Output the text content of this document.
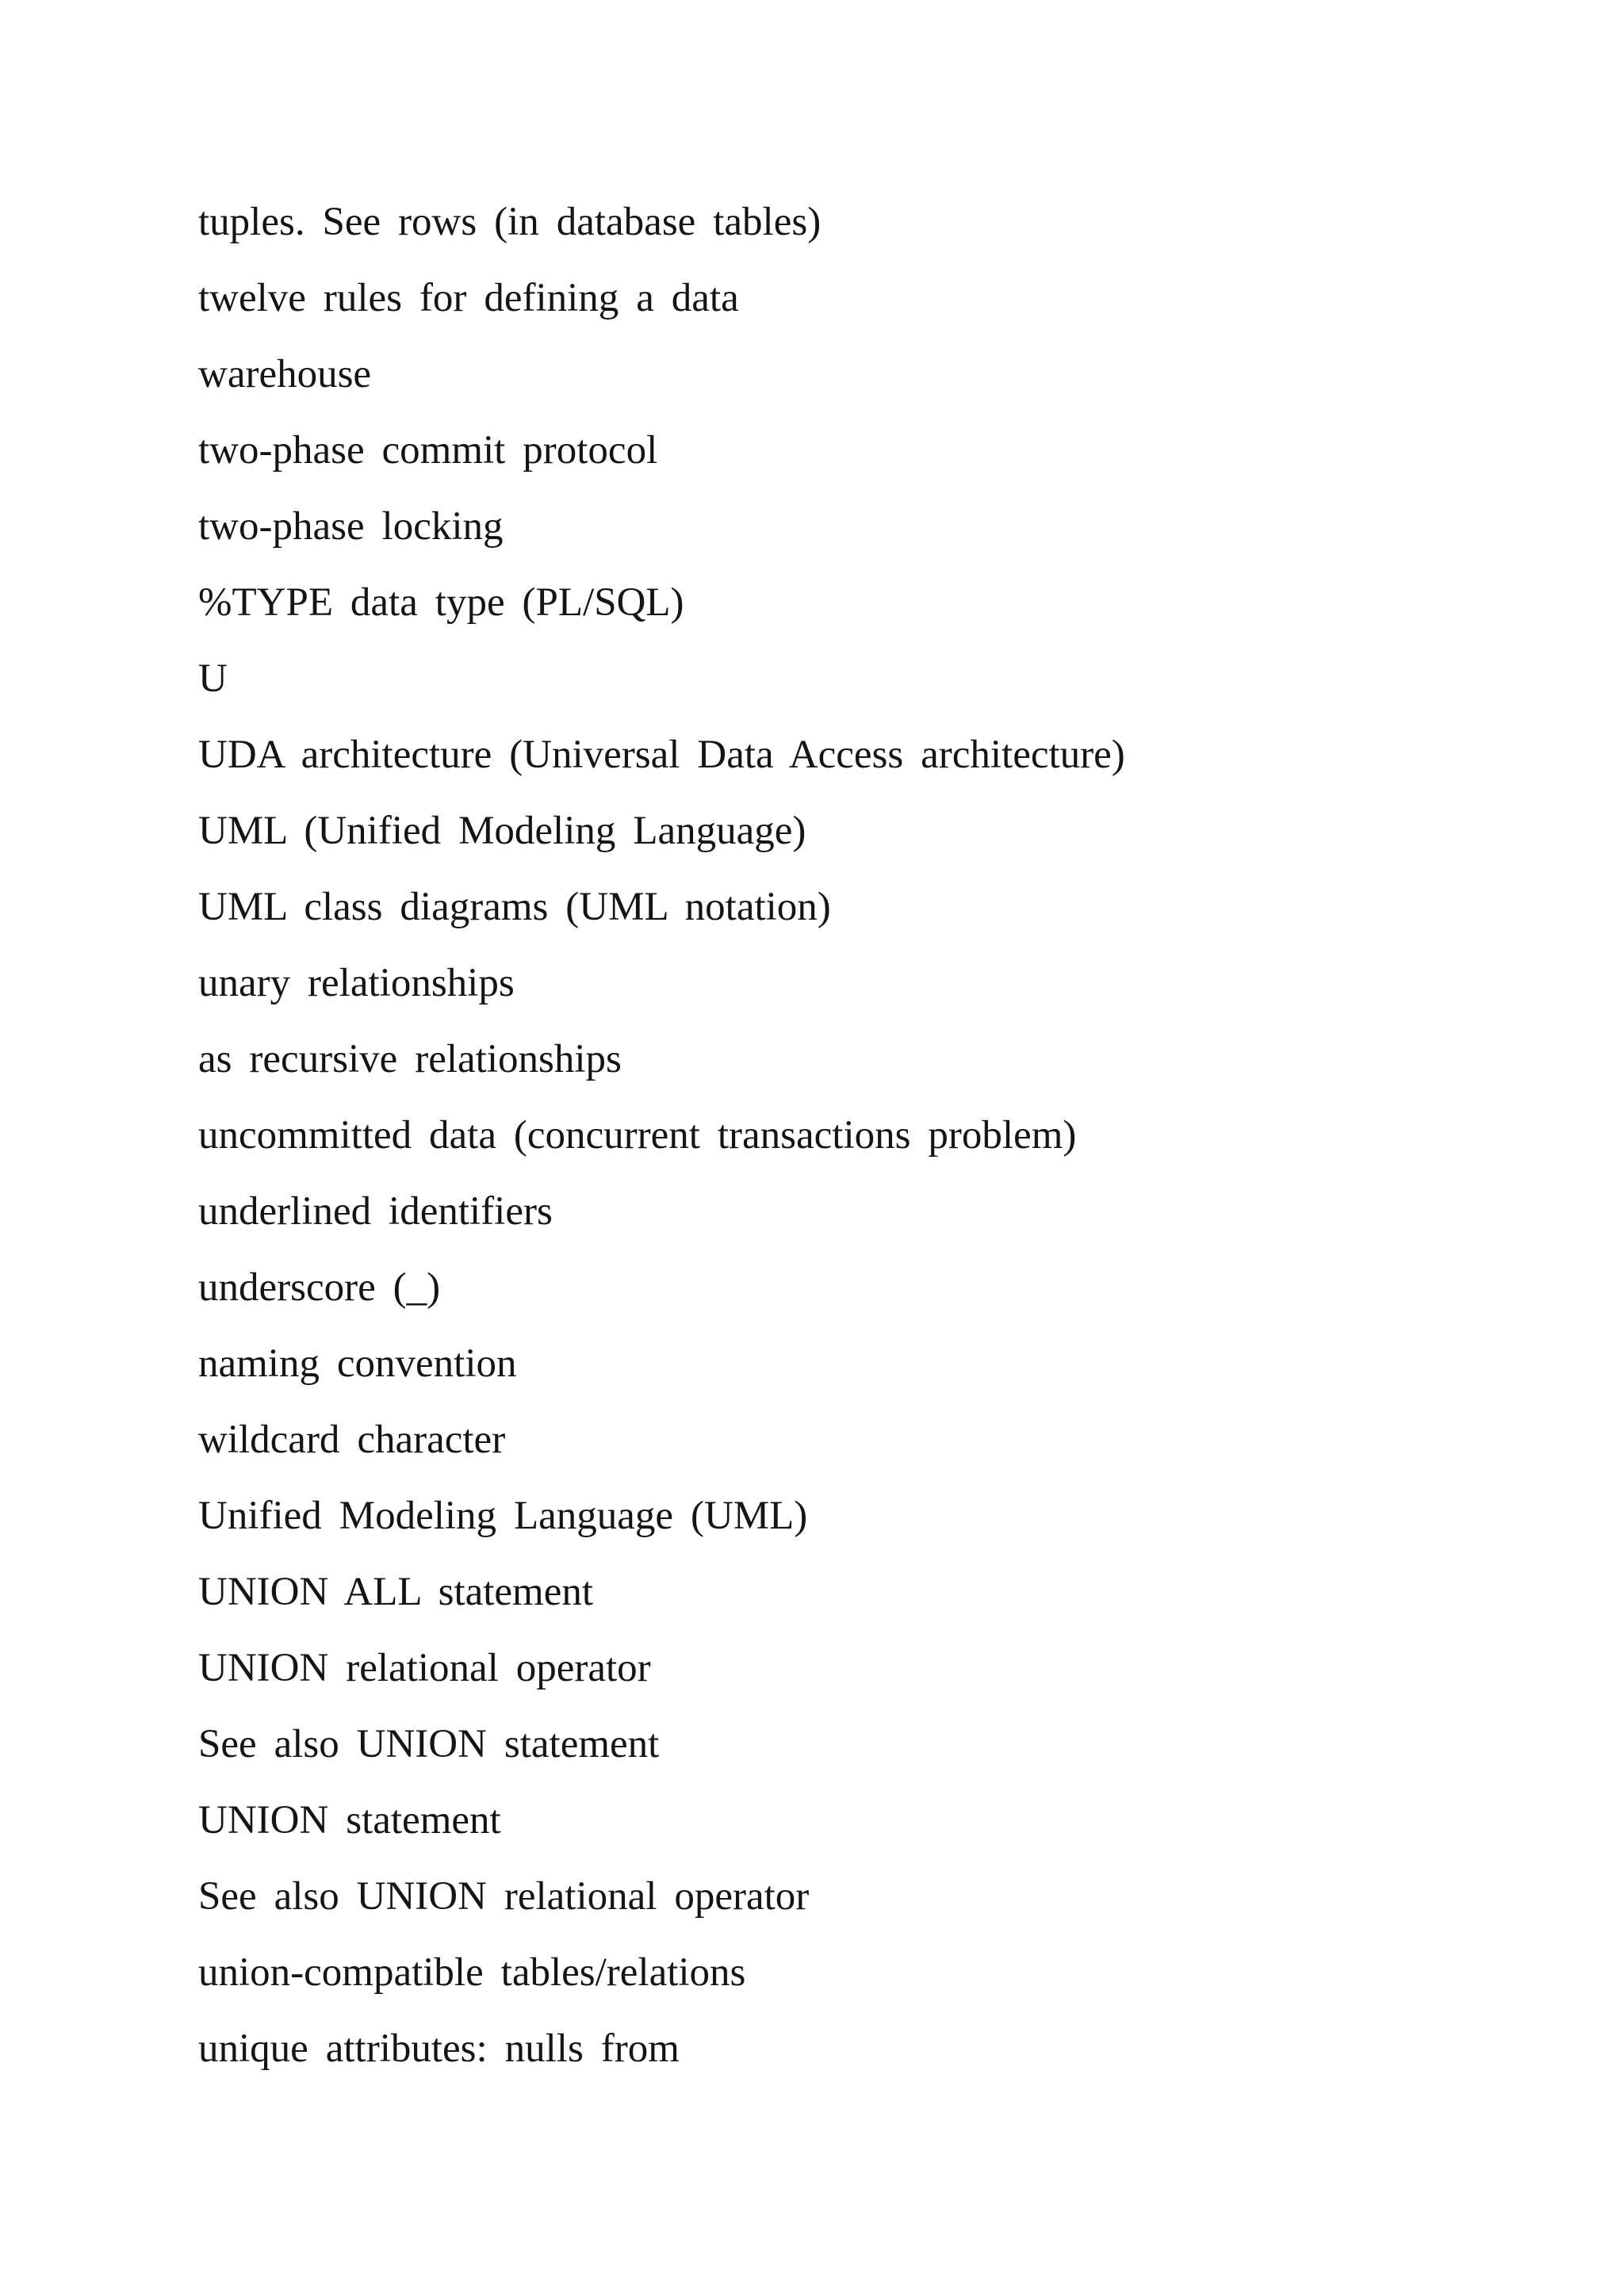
tuples. See rows (in database tables)
twelve rules for defining a data
warehouse
two-phase commit protocol
two-phase locking
%TYPE data type (PL/SQL)
U
UDA architecture (Universal Data Access architecture)
UML (Unified Modeling Language)
UML class diagrams (UML notation)
unary relationships
as recursive relationships
uncommitted data (concurrent transactions problem)
underlined identifiers
underscore (_)
naming convention
wildcard character
Unified Modeling Language (UML)
UNION ALL statement
UNION relational operator
See also UNION statement
UNION statement
See also UNION relational operator
union-compatible tables/relations
unique attributes: nulls from
